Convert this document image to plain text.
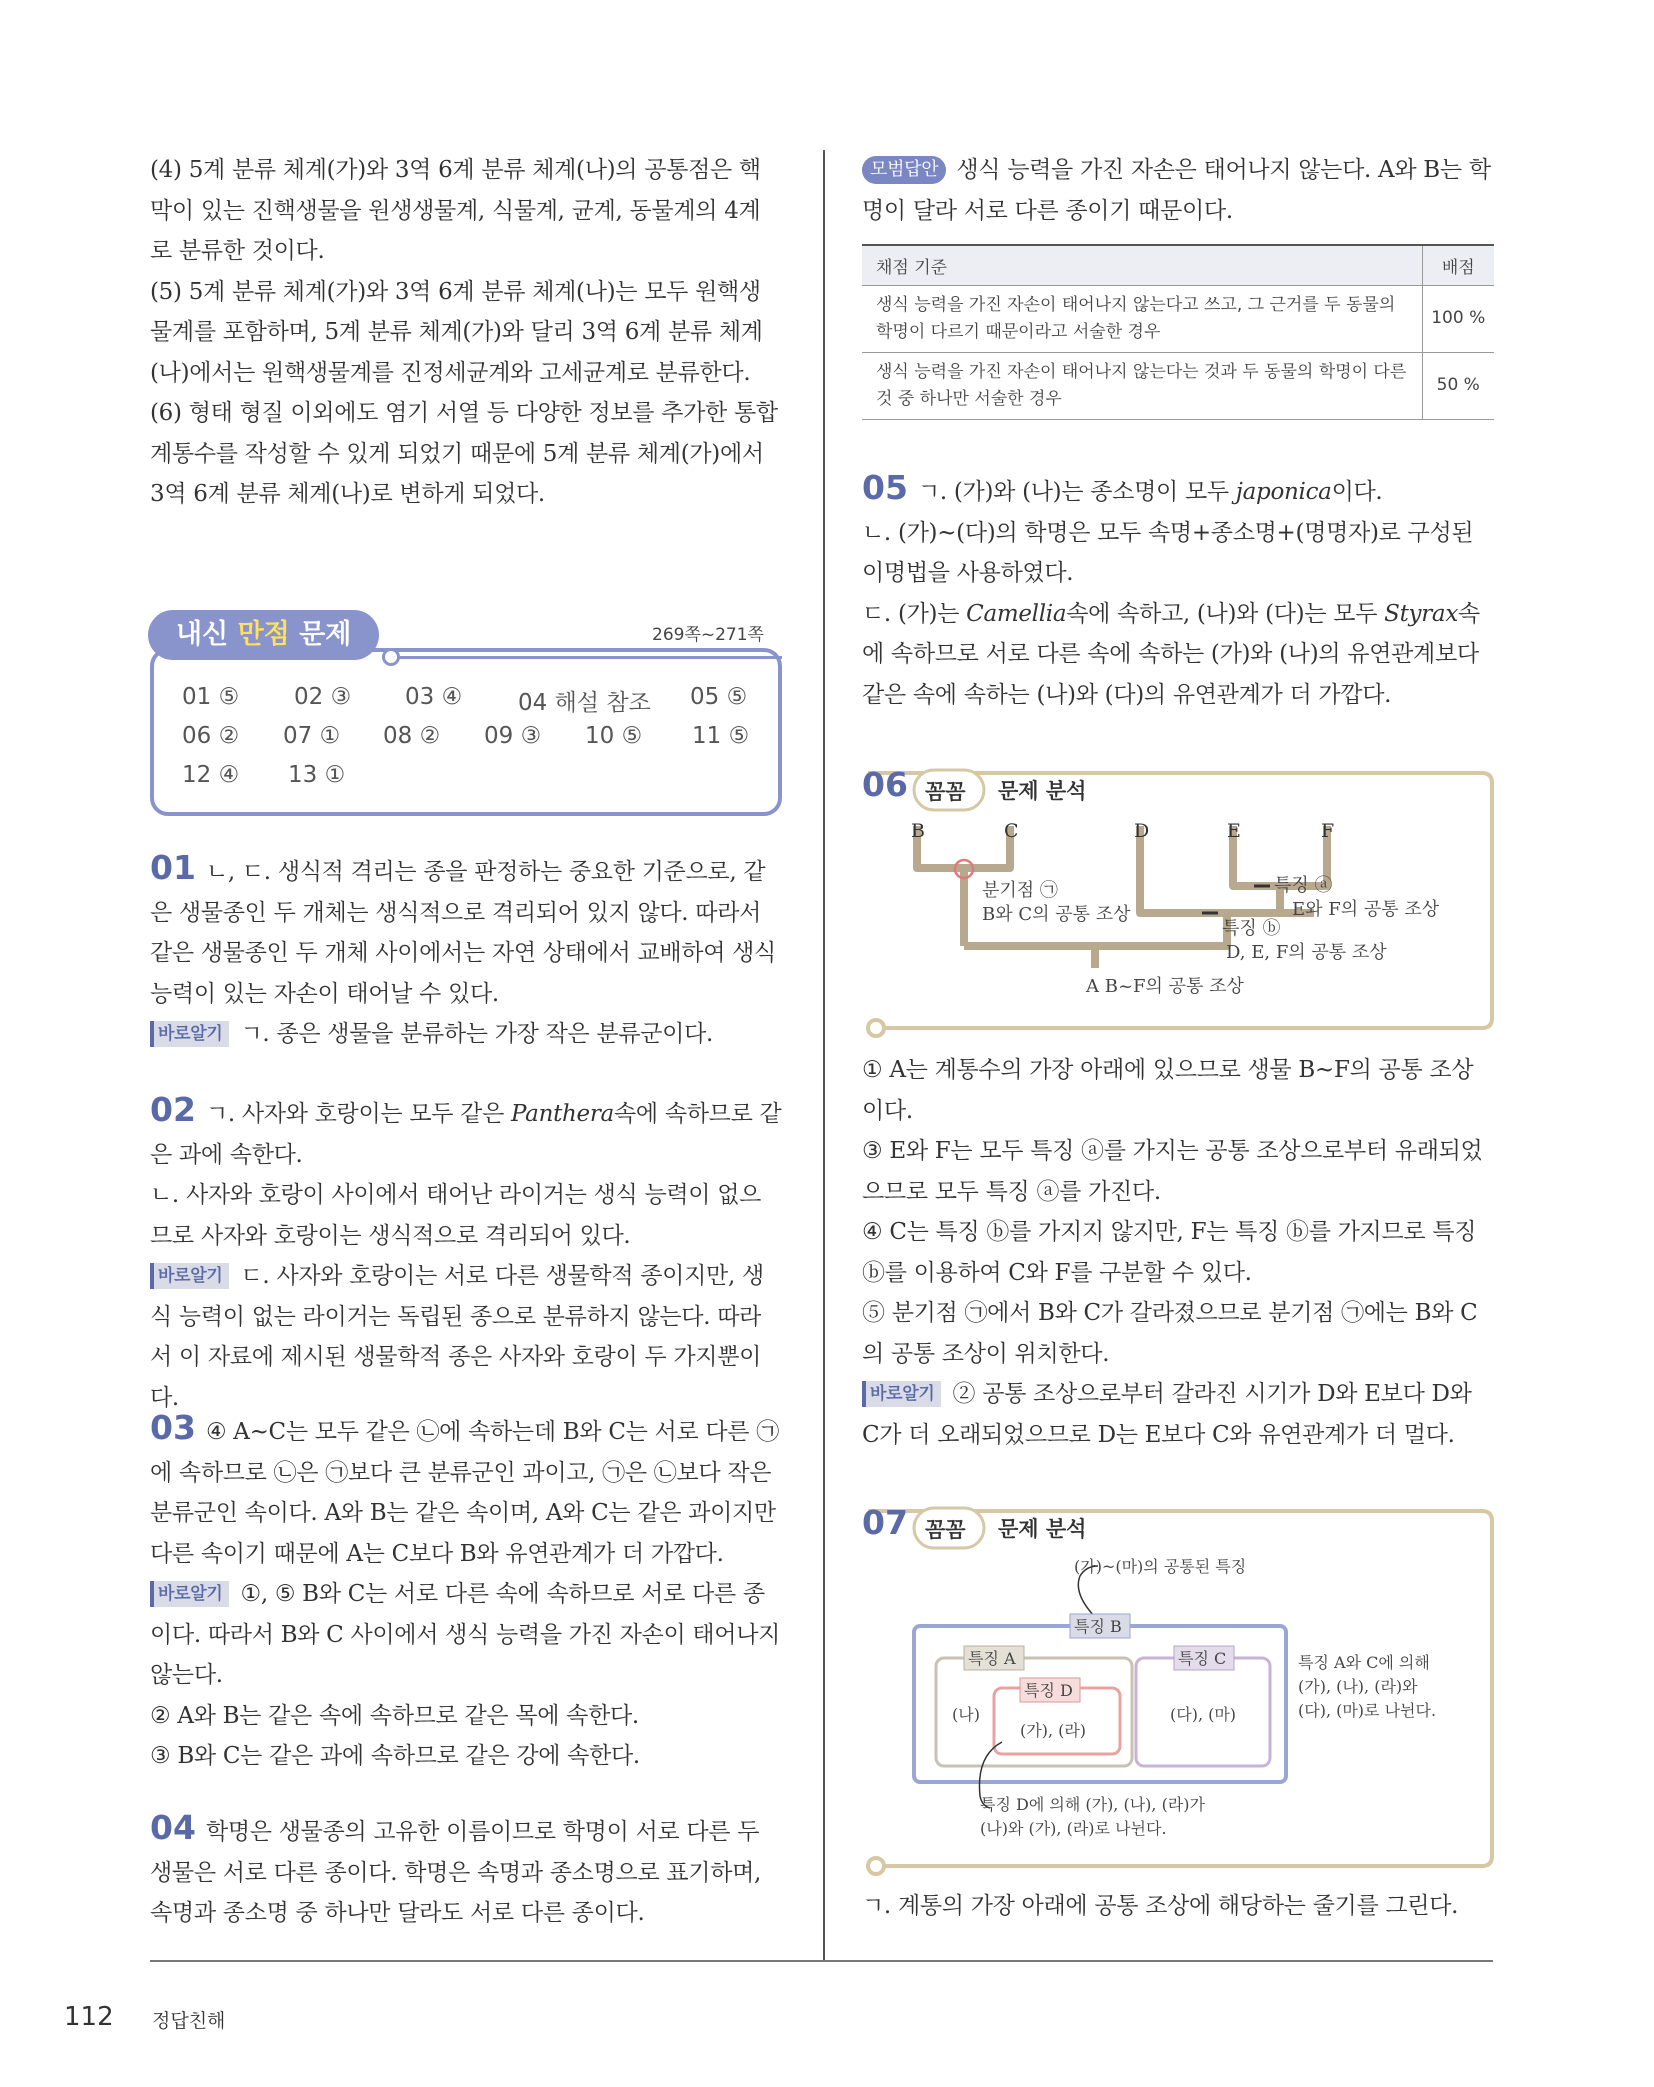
(4) 5계 분류 체계(가)와 3역 6계 분류 체계(나)의 공통점은 핵막이 있는 진핵생물을 원생생물계, 식물계, 균계, 동물계의 4계로 분류한 것이다.

(5) 5계 분류 체계(가)와 3역 6계 분류 체계(나)는 모두 원핵생물계를 포함하며, 5계 분류 체계(가)와 달리 3역 6계 분류 체계(나)에서는 원핵생물계를 진정세균계와 고세균계로 분류한다.

(6) 형태 형질 이외에도 염기 서열 등 다양한 정보를 추가한 통합 계통수를 작성할 수 있게 되었기 때문에 5계 분류 체계(가)에서 3역 6계 분류 체계(나)로 변하게 되었다.

내신 만점 문제	269쪽~271쪽
01 ⑤ 02 ③ 03 ④ 04 해설 참조 05 ⑤
06 ② 07 ① 08 ② 09 ③ 10 ⑤ 11 ⑤
12 ④ 13 ①

01 ㄴ, ㄷ. 생식적 격리는 종을 판정하는 중요한 기준으로, 같은 생물종인 두 개체는 생식적으로 격리되어 있지 않다. 따라서 같은 생물종인 두 개체 사이에서는 자연 상태에서 교배하여 생식 능력이 있는 자손이 태어날 수 있다.

바로알기 ㄱ. 종은 생물을 분류하는 가장 작은 분류군이다.

02 ㄱ. 사자와 호랑이는 모두 같은 Panthera속에 속하므로 같은 과에 속한다.

ㄴ. 사자와 호랑이 사이에서 태어난 라이거는 생식 능력이 없으므로 사자와 호랑이는 생식적으로 격리되어 있다.

바로알기 ㄷ. 사자와 호랑이는 서로 다른 생물학적 종이지만, 생식 능력이 없는 라이거는 독립된 종으로 분류하지 않는다. 따라서 이 자료에 제시된 생물학적 종은 사자와 호랑이 두 가지뿐이다.

03 ④ A~C는 모두 같은 ㉡에 속하는데 B와 C는 서로 다른 ㉠에 속하므로 ㉡은 ㉠보다 큰 분류군인 과이고, ㉠은 ㉡보다 작은 분류군인 속이다. A와 B는 같은 속이며, A와 C는 같은 과이지만 다른 속이기 때문에 A는 C보다 B와 유연관계가 더 가깝다.

바로알기 ①, ⑤ B와 C는 서로 다른 속에 속하므로 서로 다른 종이다. 따라서 B와 C 사이에서 생식 능력을 가진 자손이 태어나지 않는다.

② A와 B는 같은 속에 속하므로 같은 목에 속한다.

③ B와 C는 같은 과에 속하므로 같은 강에 속한다.

04 학명은 생물종의 고유한 이름이므로 학명이 서로 다른 두 생물은 서로 다른 종이다. 학명은 속명과 종소명으로 표기하며, 속명과 종소명 중 하나만 달라도 서로 다른 종이다.

모범답안 생식 능력을 가진 자손은 태어나지 않는다. A와 B는 학명이 달라 서로 다른 종이기 때문이다.

채점 기준	배점
생식 능력을 가진 자손이 태어나지 않는다고 쓰고, 그 근거를 두 동물의 학명이 다르기 때문이라고 서술한 경우	100 %
생식 능력을 가진 자손이 태어나지 않는다는 것과 두 동물의 학명이 다른 것 중 하나만 서술한 경우	50 %

05 ㄱ. (가)와 (나)는 종소명이 모두 japonica이다.

ㄴ. (가)~(다)의 학명은 모두 속명+종소명+(명명자)로 구성된 이명법을 사용하였다.

ㄷ. (가)는 Camellia속에 속하고, (나)와 (다)는 모두 Styrax속에 속하므로 서로 다른 속에 속하는 (가)와 (나)의 유연관계보다 같은 속에 속하는 (나)와 (다)의 유연관계가 더 가깝다.

06 꼼꼼 문제 분석
B	C	D	E	F
분기점 ㉠
B와 C의 공통 조상
특징 ⓐ
E와 F의 공통 조상
특징 ⓑ
D, E, F의 공통 조상
A B~F의 공통 조상

① A는 계통수의 가장 아래에 있으므로 생물 B~F의 공통 조상이다.

③ E와 F는 모두 특징 ⓐ를 가지는 공통 조상으로부터 유래되었으므로 모두 특징 ⓐ를 가진다.

④ C는 특징 ⓑ를 가지지 않지만, F는 특징 ⓑ를 가지므로 특징 ⓑ를 이용하여 C와 F를 구분할 수 있다.

⑤ 분기점 ㉠에서 B와 C가 갈라졌으므로 분기점 ㉠에는 B와 C의 공통 조상이 위치한다.

바로알기 ② 공통 조상으로부터 갈라진 시기가 D와 E보다 D와 C가 더 오래되었으므로 D는 E보다 C와 유연관계가 더 멀다.

07 꼼꼼 문제 분석
(가)~(마)의 공통된 특징
특징 B
특징 A	특징 C
특징 D
(나)
(가), (라)
(다), (마)
특징 A와 C에 의해
(가), (나), (라)와
(다), (마)로 나뉜다.
특징 D에 의해 (가), (나), (라)가
(나)와 (가), (라)로 나뉜다.

ㄱ. 계통의 가장 아래에 공통 조상에 해당하는 줄기를 그린다.

112 정답친해
